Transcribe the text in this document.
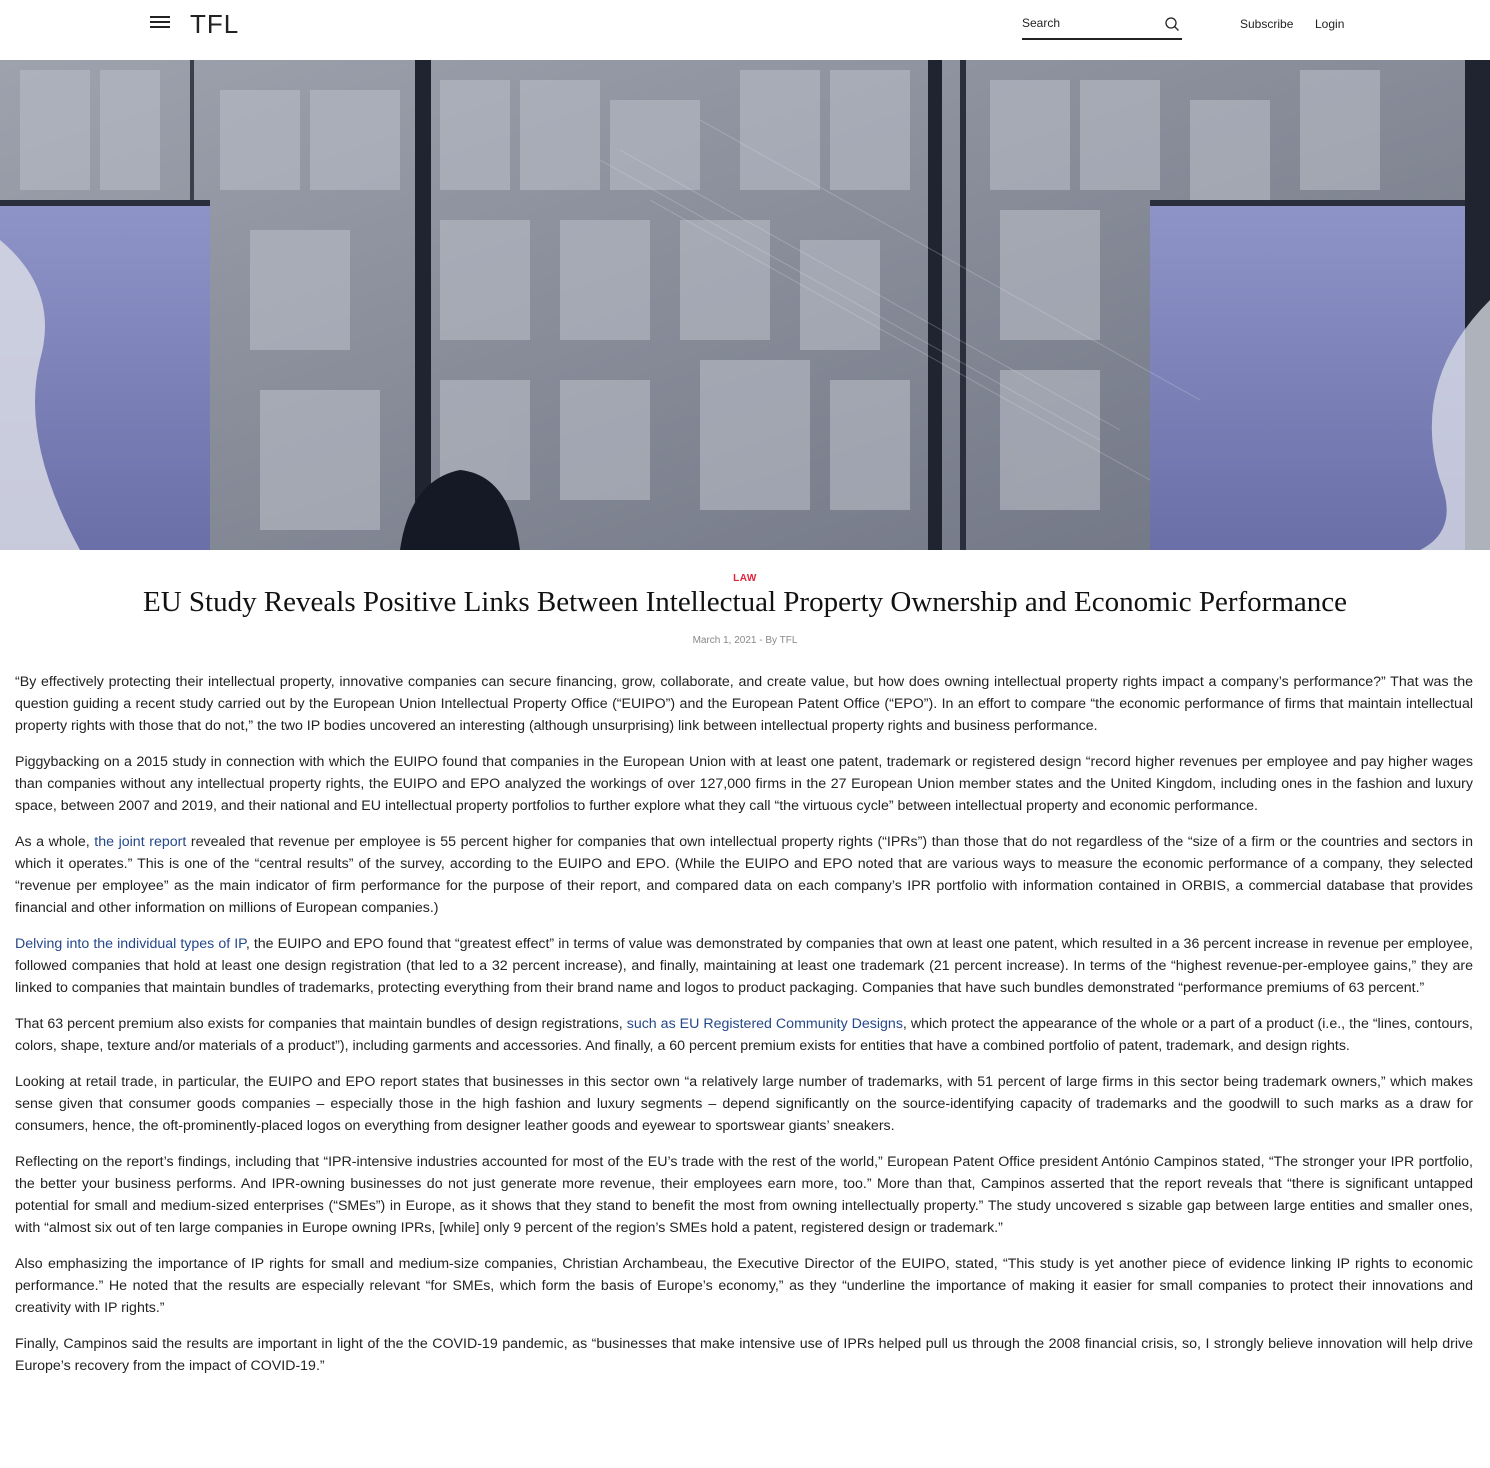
TFL
Search	Subscribe Login
LAW
EU Study Reveals Positive Links Between Intellectual Property Ownership and Economic Performance
March 1, 2021 - By TFL

“By effectively protecting their intellectual property, innovative companies can secure financing, grow, collaborate, and create value, but how does owning intellectual property rights impact a company’s performance?” That was the question guiding a recent study carried out by the European Union Intellectual Property Office (“EUIPO”) and the European Patent Office (“EPO”). In an effort to compare “the economic performance of firms that maintain intellectual property rights with those that do not,” the two IP bodies uncovered an interesting (although unsurprising) link between intellectual property rights and business performance.

Piggybacking on a 2015 study in connection with which the EUIPO found that companies in the European Union with at least one patent, trademark or registered design “record higher revenues per employee and pay higher wages than companies without any intellectual property rights, the EUIPO and EPO analyzed the workings of over 127,000 firms in the 27 European Union member states and the United Kingdom, including ones in the fashion and luxury space, between 2007 and 2019, and their national and EU intellectual property portfolios to further explore what they call “the virtuous cycle” between intellectual property and economic performance.

As a whole, the joint report revealed that revenue per employee is 55 percent higher for companies that own intellectual property rights (“IPRs”) than those that do not regardless of the “size of a firm or the countries and sectors in which it operates.” This is one of the “central results” of the survey, according to the EUIPO and EPO. (While the EUIPO and EPO noted that are various ways to measure the economic performance of a company, they selected “revenue per employee” as the main indicator of firm performance for the purpose of their report, and compared data on each company’s IPR portfolio with information contained in ORBIS, a commercial database that provides financial and other information on millions of European companies.)

Delving into the individual types of IP, the EUIPO and EPO found that “greatest effect” in terms of value was demonstrated by companies that own at least one patent, which resulted in a 36 percent increase in revenue per employee, followed companies that hold at least one design registration (that led to a 32 percent increase), and finally, maintaining at least one trademark (21 percent increase). In terms of the “highest revenue-per-employee gains,” they are linked to companies that maintain bundles of trademarks, protecting everything from their brand name and logos to product packaging. Companies that have such bundles demonstrated “performance premiums of 63 percent.”

That 63 percent premium also exists for companies that maintain bundles of design registrations, such as EU Registered Community Designs, which protect the appearance of the whole or a part of a product (i.e., the “lines, contours, colors, shape, texture and/or materials of a product”), including garments and accessories. And finally, a 60 percent premium exists for entities that have a combined portfolio of patent, trademark, and design rights.

Looking at retail trade, in particular, the EUIPO and EPO report states that businesses in this sector own “a relatively large number of trademarks, with 51 percent of large firms in this sector being trademark owners,” which makes sense given that consumer goods companies – especially those in the high fashion and luxury segments – depend significantly on the source-identifying capacity of trademarks and the goodwill to such marks as a draw for consumers, hence, the oft-prominently-placed logos on everything from designer leather goods and eyewear to sportswear giants’ sneakers.

Reflecting on the report’s findings, including that “IPR-intensive industries accounted for most of the EU’s trade with the rest of the world,” European Patent Office president António Campinos stated, “The stronger your IPR portfolio, the better your business performs. And IPR-owning businesses do not just generate more revenue, their employees earn more, too.” More than that, Campinos asserted that the report reveals that “there is significant untapped potential for small and medium-sized enterprises (“SMEs”) in Europe, as it shows that they stand to benefit the most from owning intellectually property.” The study uncovered s sizable gap between large entities and smaller ones, with “almost six out of ten large companies in Europe owning IPRs, [while] only 9 percent of the region’s SMEs hold a patent, registered design or trademark.”

Also emphasizing the importance of IP rights for small and medium-size companies, Christian Archambeau, the Executive Director of the EUIPO, stated, “This study is yet another piece of evidence linking IP rights to economic performance.” He noted that the results are especially relevant “for SMEs, which form the basis of Europe’s economy,” as they “underline the importance of making it easier for small companies to protect their innovations and creativity with IP rights.”

Finally, Campinos said the results are important in light of the the COVID-19 pandemic, as “businesses that make intensive use of IPRs helped pull us through the 2008 financial crisis, so, I strongly believe innovation will help drive Europe’s recovery from the impact of COVID-19.”
